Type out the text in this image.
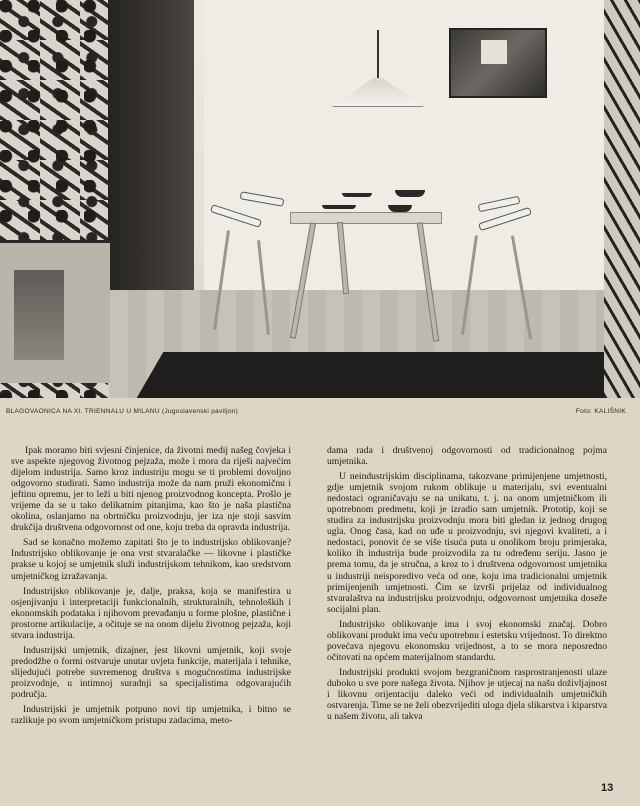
BLAGOVAONICA NA XI. TRIENNALU U MILANU (Jugoslavenski paviljon)	Foto: KALIŠNIK

Ipak moramo biti svjesni činjenice, da životni medij našeg čovjeka i sve aspekte njegovog životnog pejzaža, može i mora da riješi najvećim dijelom industrija. Samo kroz industriju mogu se ti problemi dovoljno odgovorno studirati. Samo industrija može da nam pruži ekonomičnu i jeftinu opremu, jer to leži u biti njenog proizvodnog koncepta. Prošlo je vrijeme da se u tako delikatnim pitanjima, kao što je naša plastična okolina, oslanjamo na obrtničku proizvodnju, jer iza nje stoji sasvim drukčija društvena odgovornost od one, koju treba da opravda industrija.

Sad se konačno možemo zapitati što je to industrijsko oblikovanje? Industrijsko oblikovanje je ona vrst stvaralačke — likovne i plastičke prakse u kojoj se umjetnik služi industrijskom tehnikom, kao sredstvom umjetničkog izražavanja.

Industrijsko oblikovanje je, dalje, praksa, koja se manifestira u osjenjivanju i interpretaciji funkcionalnih, strukturalnih, tehnoloških i ekonomskih podataka i njihovom prevađanju u forme plošne, plastične i prostorne artikulacije, a očituje se na onom dijelu životnog pejzaža, koji stvara industrija.

Industrijski umjetnik, dizajner, jest likovni umjetnik, koji svoje predodžbe o formi ostvaruje unutar uvjeta funkcije, materijala i tehnike, slijedujući potrebe suvremenog društva s mogućnostima industrijske proizvodnje, u intimnoj suradnji sa specijalistima odgovarajućih područja.

Industrijski je umjetnik potpuno novi tip umjetnika, i bitno se razlikuje po svom umjetničkom pristupu zadacima, meto-

dama rada i društvenoj odgovornosti od tradicionalnog pojma umjetnika.

U neindustrijskim disciplinama, takozvane primijenjene umjetnosti, gdje umjetnik svojom rukom oblikuje u materijalu, svi eventualni nedostaci ograničavaju se na unikatu, t. j. na onom umjetničkom ili upotrebnom predmetu, koji je izradio sam umjetnik. Prototip, koji se studira za industrijsku proizvodnju mora biti gledan iz jednog drugog ugla. Onog časa, kad on uđe u proizvodnju, svi njegovi kvaliteti, a i nedostaci, ponovit će se više tisuća puta u onolikom broju primjeraka, koliko ih industrija bude proizvodila za tu određenu seriju. Jasno je prema tomu, da je stručna, a kroz to i društvena odgovornost umjetnika u industriji neisporedivo veća od one, koju ima tradicionalni umjetnik primijenjenih umjetnosti. Čim se izvrši prijelaz od individualnog stvaralaštva na industrijsku proizvodnju, odgovornost umjetnika doseže socijalni plan.

Industrijsko oblikovanje ima i svoj ekonomski značaj. Dobro oblikovani produkt ima veću upotrebnu i estetsku vrijednost. To direktno povećava njegovu ekonomsku vrijednost, a to se mora neposredno očitovati na općem materijalnom standardu.

Industrijski produkti svojom bezgraničnom rasprostranjenosti ulaze duboko u sve pore našega života. Njihov je utjecaj na našu doživljajnost i likovnu orijentaciju daleko veći od individualnih umjetničkih ostvarenja. Time se ne želi obezvrijediti uloga djela slikarstva i kiparstva u našem životu, ali takva

13
